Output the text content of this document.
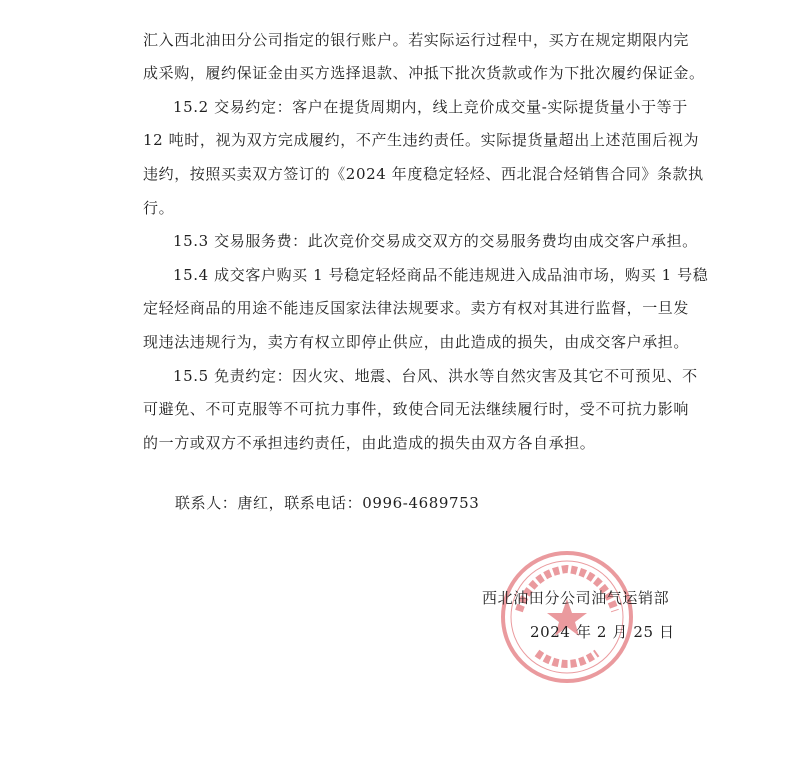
汇入西北油田分公司指定的银行账户。若实际运行过程中，买方在规定期限内完
成采购，履约保证金由买方选择退款、冲抵下批次货款或作为下批次履约保证金。
15.2 交易约定：客户在提货周期内，线上竞价成交量-实际提货量小于等于
12 吨时，视为双方完成履约，不产生违约责任。实际提货量超出上述范围后视为
违约，按照买卖双方签订的《2024 年度稳定轻烃、西北混合烃销售合同》条款执
行。
15.3 交易服务费：此次竞价交易成交双方的交易服务费均由成交客户承担。
15.4 成交客户购买 1 号稳定轻烃商品不能违规进入成品油市场，购买 1 号稳
定轻烃商品的用途不能违反国家法律法规要求。卖方有权对其进行监督，一旦发
现违法违规行为，卖方有权立即停止供应，由此造成的损失，由成交客户承担。
15.5 免责约定：因火灾、地震、台风、洪水等自然灾害及其它不可预见、不
可避免、不可克服等不可抗力事件，致使合同无法继续履行时，受不可抗力影响
的一方或双方不承担违约责任，由此造成的损失由双方各自承担。
联系人：唐红，联系电话：0996-4689753
西北油田分公司油气运销部
2024 年 2 月 25 日
